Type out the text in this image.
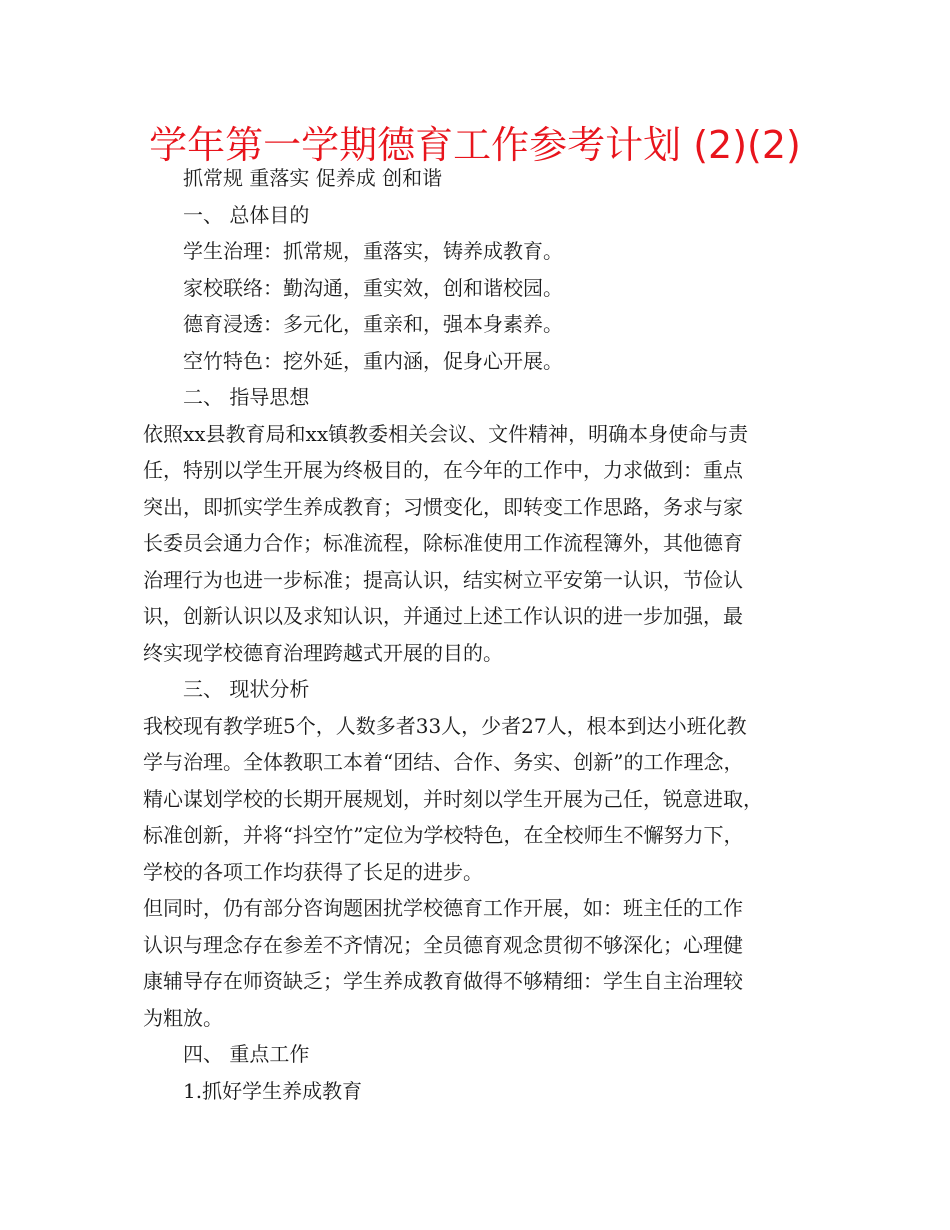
学年第一学期德育工作参考计划 (2)(2)

抓常规 重落实 促养成 创和谐

一、 总体目的

学生治理：抓常规，重落实，铸养成教育。

家校联络：勤沟通，重实效，创和谐校园。

德育浸透：多元化，重亲和，强本身素养。

空竹特色：挖外延，重内涵，促身心开展。

二、 指导思想

依照xx县教育局和xx镇教委相关会议、文件精神，明确本身使命与责

任，特别以学生开展为终极目的，在今年的工作中，力求做到：重点

突出，即抓实学生养成教育；习惯变化，即转变工作思路，务求与家

长委员会通力合作；标准流程，除标准使用工作流程簿外，其他德育

治理行为也进一步标准；提高认识，结实树立平安第一认识，节俭认

识，创新认识以及求知认识，并通过上述工作认识的进一步加强，最

终实现学校德育治理跨越式开展的目的。

三、 现状分析

我校现有教学班5个，人数多者33人，少者27人，根本到达小班化教

学与治理。全体教职工本着“团结、合作、务实、创新”的工作理念，

精心谋划学校的长期开展规划，并时刻以学生开展为己任，锐意进取，

标准创新，并将“抖空竹”定位为学校特色，在全校师生不懈努力下，

学校的各项工作均获得了长足的进步。

但同时，仍有部分咨询题困扰学校德育工作开展，如：班主任的工作

认识与理念存在参差不齐情况；全员德育观念贯彻不够深化；心理健

康辅导存在师资缺乏；学生养成教育做得不够精细：学生自主治理较

为粗放。

四、 重点工作

1.抓好学生养成教育
